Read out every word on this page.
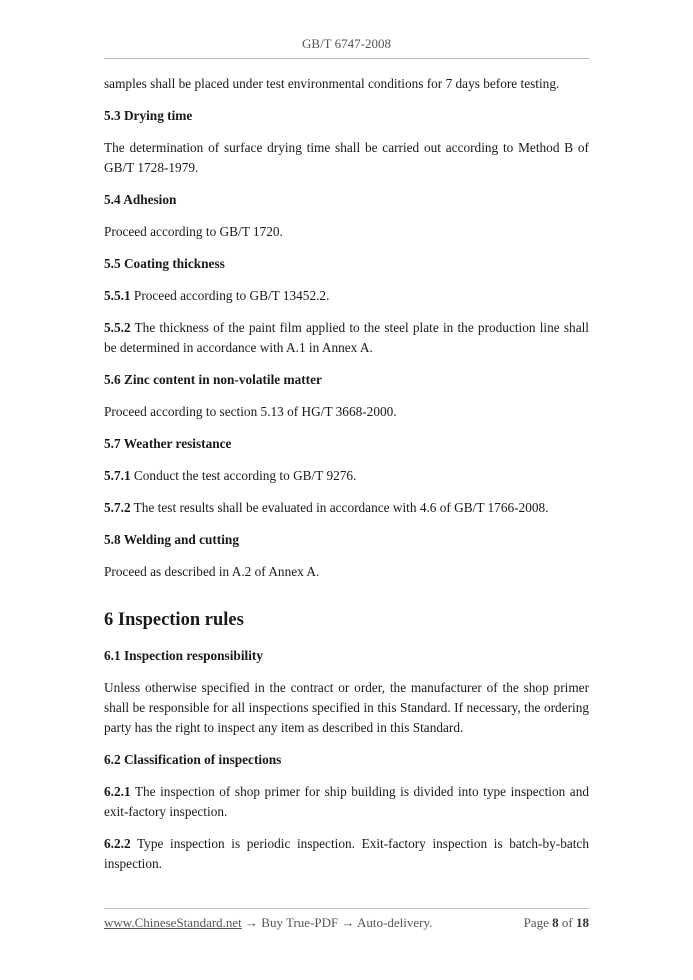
GB/T 6747-2008

samples shall be placed under test environmental conditions for 7 days before testing.

5.3 Drying time

The determination of surface drying time shall be carried out according to Method B of GB/T 1728-1979.

5.4 Adhesion

Proceed according to GB/T 1720.

5.5 Coating thickness

5.5.1 Proceed according to GB/T 13452.2.

5.5.2 The thickness of the paint film applied to the steel plate in the production line shall be determined in accordance with A.1 in Annex A.

5.6 Zinc content in non-volatile matter

Proceed according to section 5.13 of HG/T 3668-2000.

5.7 Weather resistance

5.7.1 Conduct the test according to GB/T 9276.

5.7.2 The test results shall be evaluated in accordance with 4.6 of GB/T 1766-2008.

5.8 Welding and cutting

Proceed as described in A.2 of Annex A.

6 Inspection rules
6.1 Inspection responsibility

Unless otherwise specified in the contract or order, the manufacturer of the shop primer shall be responsible for all inspections specified in this Standard. If necessary, the ordering party has the right to inspect any item as described in this Standard.

6.2 Classification of inspections

6.2.1 The inspection of shop primer for ship building is divided into type inspection and exit-factory inspection.

6.2.2 Type inspection is periodic inspection. Exit-factory inspection is batch-by-batch inspection.

www.ChineseStandard.net → Buy True-PDF → Auto-delivery.	Page 8 of 18
